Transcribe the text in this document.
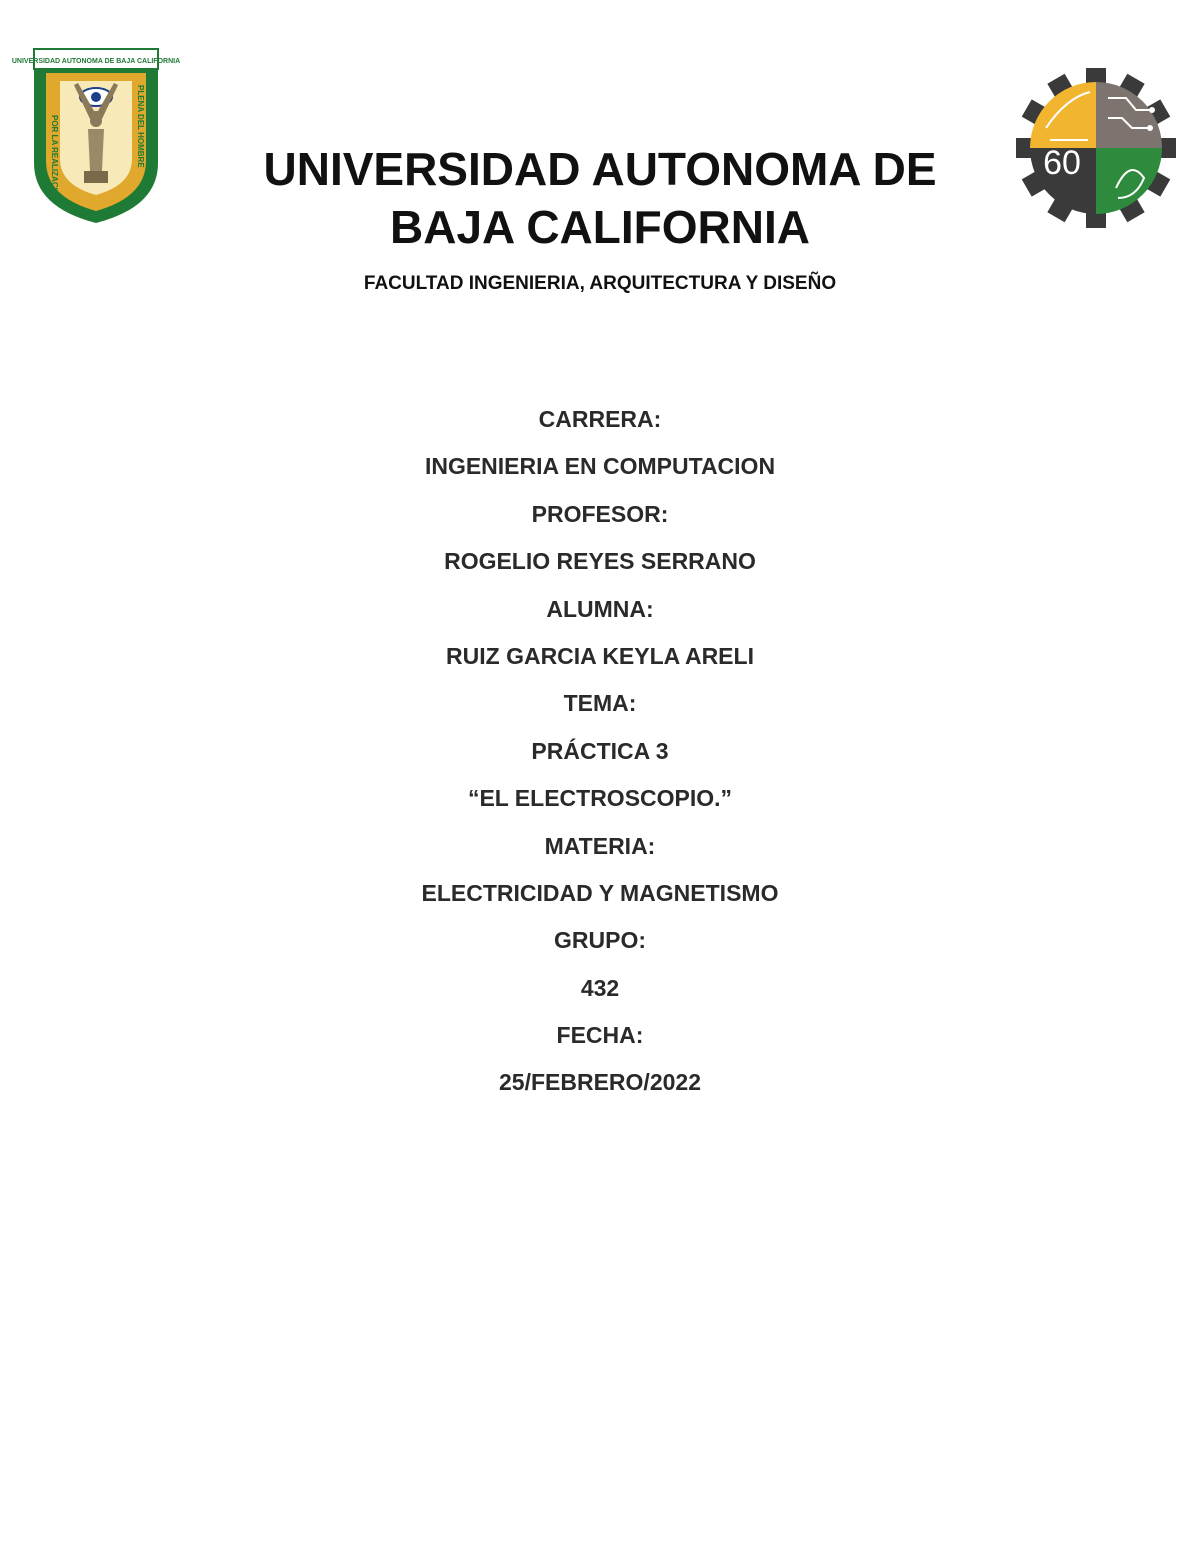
UNIVERSIDAD AUTONOMA DE BAJA CALIFORNIA
POR LA REALIZACION	PLENA DEL HOMBRE	60
UNIVERSIDAD AUTONOMA DE
BAJA CALIFORNIA

FACULTAD INGENIERIA, ARQUITECTURA Y DISEÑO

CARRERA:
INGENIERIA EN COMPUTACION
PROFESOR:
ROGELIO REYES SERRANO
ALUMNA:
RUIZ GARCIA KEYLA ARELI
TEMA:
PRÁCTICA 3
“EL ELECTROSCOPIO.”
MATERIA:
ELECTRICIDAD Y MAGNETISMO
GRUPO:
432
FECHA:
25/FEBRERO/2022
